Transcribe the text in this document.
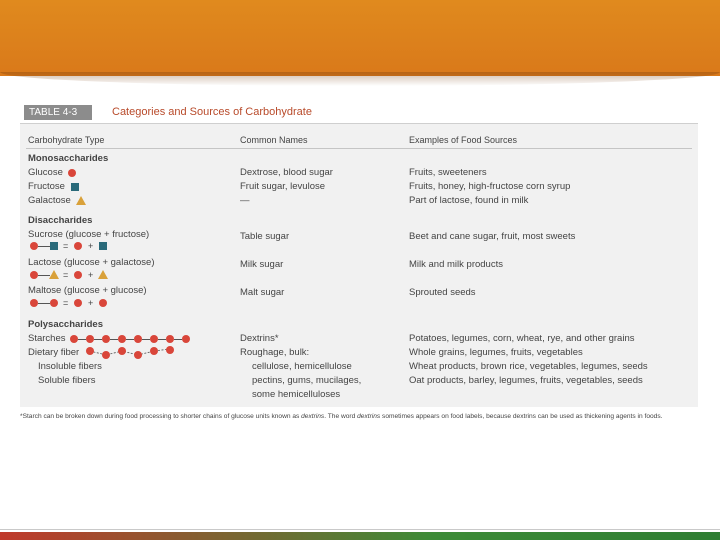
TABLE 4-3	Categories and Sources of Carbohydrate
Carbohydrate Type	Common Names	Examples of Food Sources
Monosaccharides
Glucose	Dextrose, blood sugar	Fruits, sweeteners
Fructose	Fruit sugar, levulose	Fruits, honey, high-fructose corn syrup
Galactose	—	Part of lactose, found in milk
Disaccharides
Sucrose (glucose + fructose)	Table sugar	Beet and cane sugar, fruit, most sweets
= +
Lactose (glucose + galactose)	Milk sugar	Milk and milk products
= +
Maltose (glucose + glucose)	Malt sugar	Sprouted seeds
= +
Polysaccharides
Starches	Dextrins*	Potatoes, legumes, corn, wheat, rye, and other grains
Dietary fiber	Roughage, bulk:	Whole grains, legumes, fruits, vegetables
Insoluble fibers	cellulose, hemicellulose	Wheat products, brown rice, vegetables, legumes, seeds
Soluble fibers	pectins, gums, mucilages,	Oat products, barley, legumes, fruits, vegetables, seeds
some hemicelluloses
*Starch can be broken down during food processing to shorter chains of glucose units known as dextrins. The word dextrins sometimes appears on food labels, because dextrins can be used as thickening agents in foods.
